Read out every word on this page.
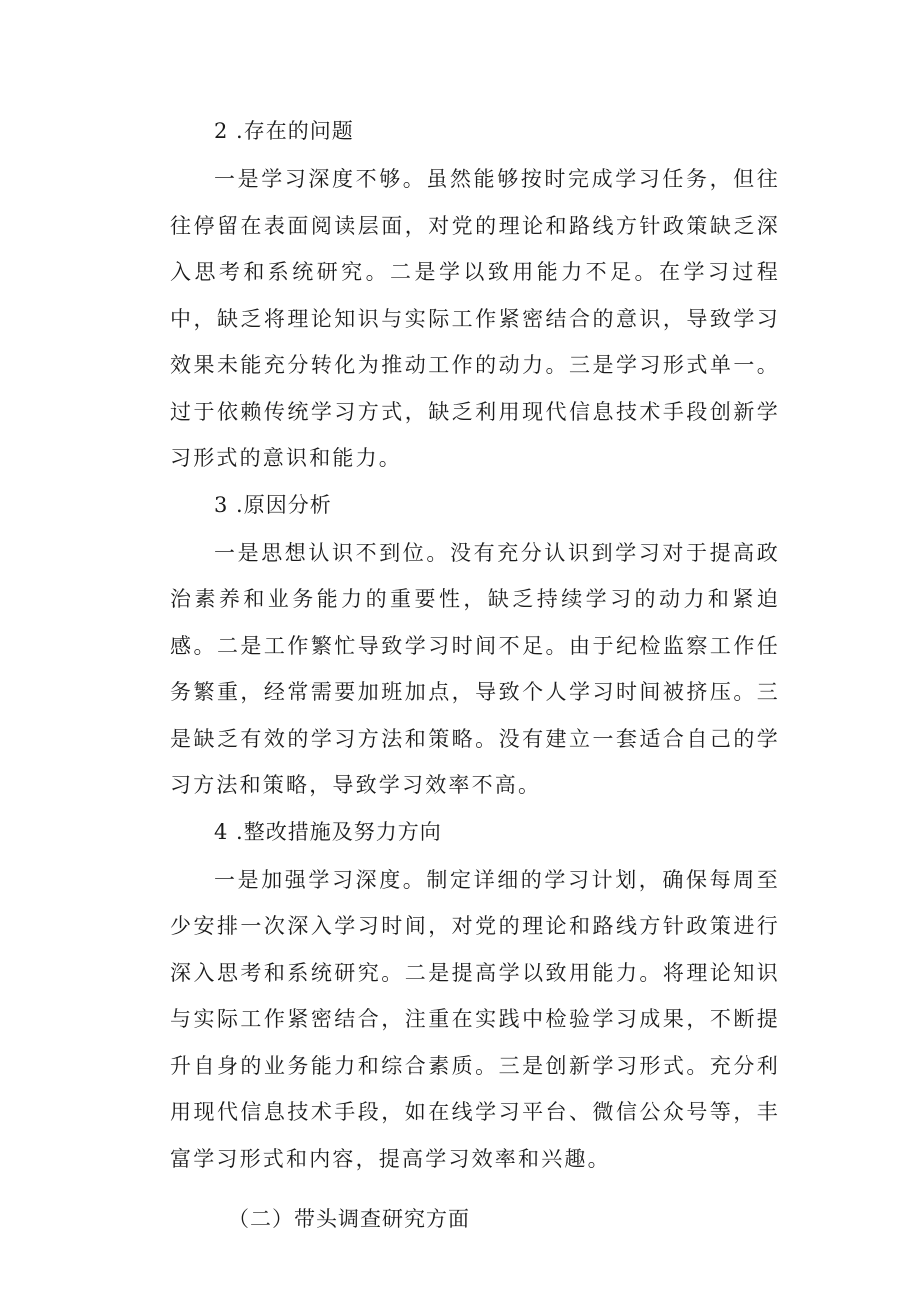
2 .存在的问题

一是学习深度不够。虽然能够按时完成学习任务，但往往停留在表面阅读层面，对党的理论和路线方针政策缺乏深入思考和系统研究。二是学以致用能力不足。在学习过程中，缺乏将理论知识与实际工作紧密结合的意识，导致学习效果未能充分转化为推动工作的动力。三是学习形式单一。过于依赖传统学习方式，缺乏利用现代信息技术手段创新学习形式的意识和能力。

3 .原因分析

一是思想认识不到位。没有充分认识到学习对于提高政治素养和业务能力的重要性，缺乏持续学习的动力和紧迫感。二是工作繁忙导致学习时间不足。由于纪检监察工作任务繁重，经常需要加班加点，导致个人学习时间被挤压。三是缺乏有效的学习方法和策略。没有建立一套适合自己的学习方法和策略，导致学习效率不高。

4 .整改措施及努力方向

一是加强学习深度。制定详细的学习计划，确保每周至少安排一次深入学习时间，对党的理论和路线方针政策进行深入思考和系统研究。二是提高学以致用能力。将理论知识与实际工作紧密结合，注重在实践中检验学习成果，不断提升自身的业务能力和综合素质。三是创新学习形式。充分利用现代信息技术手段，如在线学习平台、微信公众号等，丰富学习形式和内容，提高学习效率和兴趣。

（二）带头调查研究方面
